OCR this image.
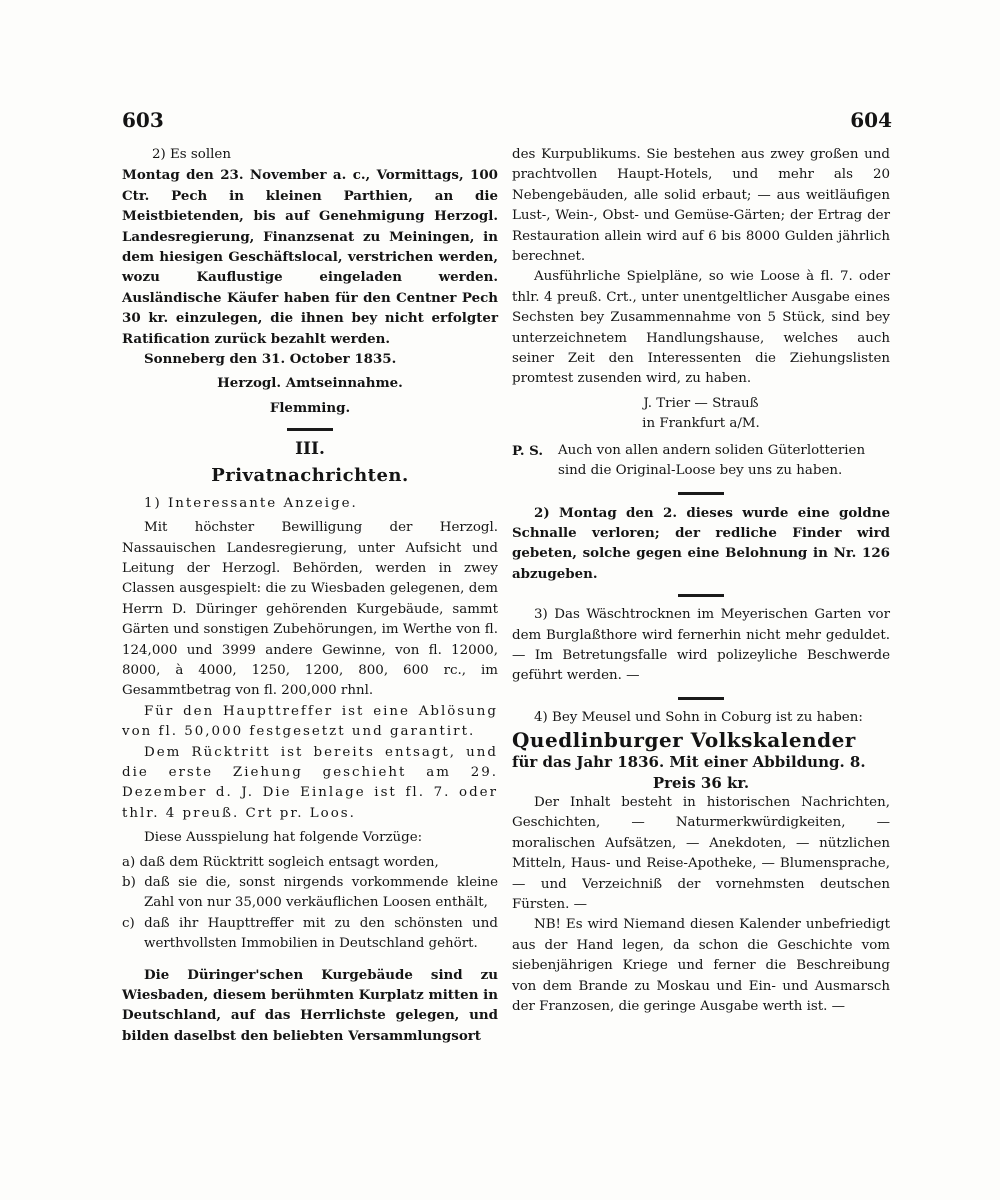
603	604

2) Es sollen

Montag den 23. November a. c., Vormittags, 100 Ctr. Pech in kleinen Parthien, an die Meistbietenden, bis auf Genehmigung Herzogl. Landesregierung, Finanzsenat zu Meiningen, in dem hiesigen Geschäftslocal, verstrichen werden, wozu Kauflustige eingeladen werden. Ausländische Käufer haben für den Centner Pech 30 kr. einzulegen, die ihnen bey nicht erfolgter Ratification zurück bezahlt werden.

Sonneberg den 31. October 1835.

Herzogl. Amtseinnahme.

Flemming.

III.

Privatnachrichten.

1) Interessante Anzeige.

Mit höchster Bewilligung der Herzogl. Nassauischen Landesregierung, unter Aufsicht und Leitung der Herzogl. Behörden, werden in zwey Classen ausgespielt: die zu Wiesbaden gelegenen, dem Herrn D. Düringer gehörenden Kurgebäude, sammt Gärten und sonstigen Zubehörungen, im Werthe von fl. 124,000 und 3999 andere Gewinne, von fl. 12000, 8000, à 4000, 1250, 1200, 800, 600 rc., im Gesammtbetrag von fl. 200,000 rhnl.

Für den Haupttreffer ist eine Ablösung von fl. 50,000 festgesetzt und garantirt.

Dem Rücktritt ist bereits entsagt, und die erste Ziehung geschieht am 29. Dezember d. J. Die Einlage ist fl. 7. oder thlr. 4 preuß. Crt pr. Loos.

Diese Ausspielung hat folgende Vorzüge:

a) daß dem Rücktritt sogleich entsagt worden,

b) daß sie die, sonst nirgends vorkommende kleine Zahl von nur 35,000 verkäuflichen Loosen enthält,

c) daß ihr Haupttreffer mit zu den schönsten und werthvollsten Immobilien in Deutschland gehört.

Die Düringer'schen Kurgebäude sind zu Wiesbaden, diesem berühmten Kurplatz mitten in Deutschland, auf das Herrlichste gelegen, und bilden daselbst den beliebten Versammlungsort

des Kurpublikums. Sie bestehen aus zwey großen und prachtvollen Haupt-Hotels, und mehr als 20 Nebengebäuden, alle solid erbaut; — aus weitläufigen Lust-, Wein-, Obst- und Gemüse-Gärten; der Ertrag der Restauration allein wird auf 6 bis 8000 Gulden jährlich berechnet.

Ausführliche Spielpläne, so wie Loose à fl. 7. oder thlr. 4 preuß. Crt., unter unentgeltlicher Ausgabe eines Sechsten bey Zusammennahme von 5 Stück, sind bey unterzeichnetem Handlungshause, welches auch seiner Zeit den Interessenten die Ziehungslisten promtest zusenden wird, zu haben.

J. Trier — Strauß

in Frankfurt a/M.

P. S.	Auch von allen andern soliden Güterlotterien sind die Original-Loose bey uns zu haben.

2) Montag den 2. dieses wurde eine goldne Schnalle verloren; der redliche Finder wird gebeten, solche gegen eine Belohnung in Nr. 126 abzugeben.

3) Das Wäschtrocknen im Meyerischen Garten vor dem Burglaßthore wird fernerhin nicht mehr geduldet. — Im Betretungsfalle wird polizeyliche Beschwerde geführt werden. —

4) Bey Meusel und Sohn in Coburg ist zu haben:

Quedlinburger Volkskalender

für das Jahr 1836. Mit einer Abbildung. 8.

Preis 36 kr.

Der Inhalt besteht in historischen Nachrichten, Geschichten, — Naturmerkwürdigkeiten, — moralischen Aufsätzen, — Anekdoten, — nützlichen Mitteln, Haus- und Reise-Apotheke, — Blumensprache, — und Verzeichniß der vornehmsten deutschen Fürsten. —

NB! Es wird Niemand diesen Kalender unbefriedigt aus der Hand legen, da schon die Geschichte vom siebenjährigen Kriege und ferner die Beschreibung von dem Brande zu Moskau und Ein- und Ausmarsch der Franzosen, die geringe Ausgabe werth ist. —
